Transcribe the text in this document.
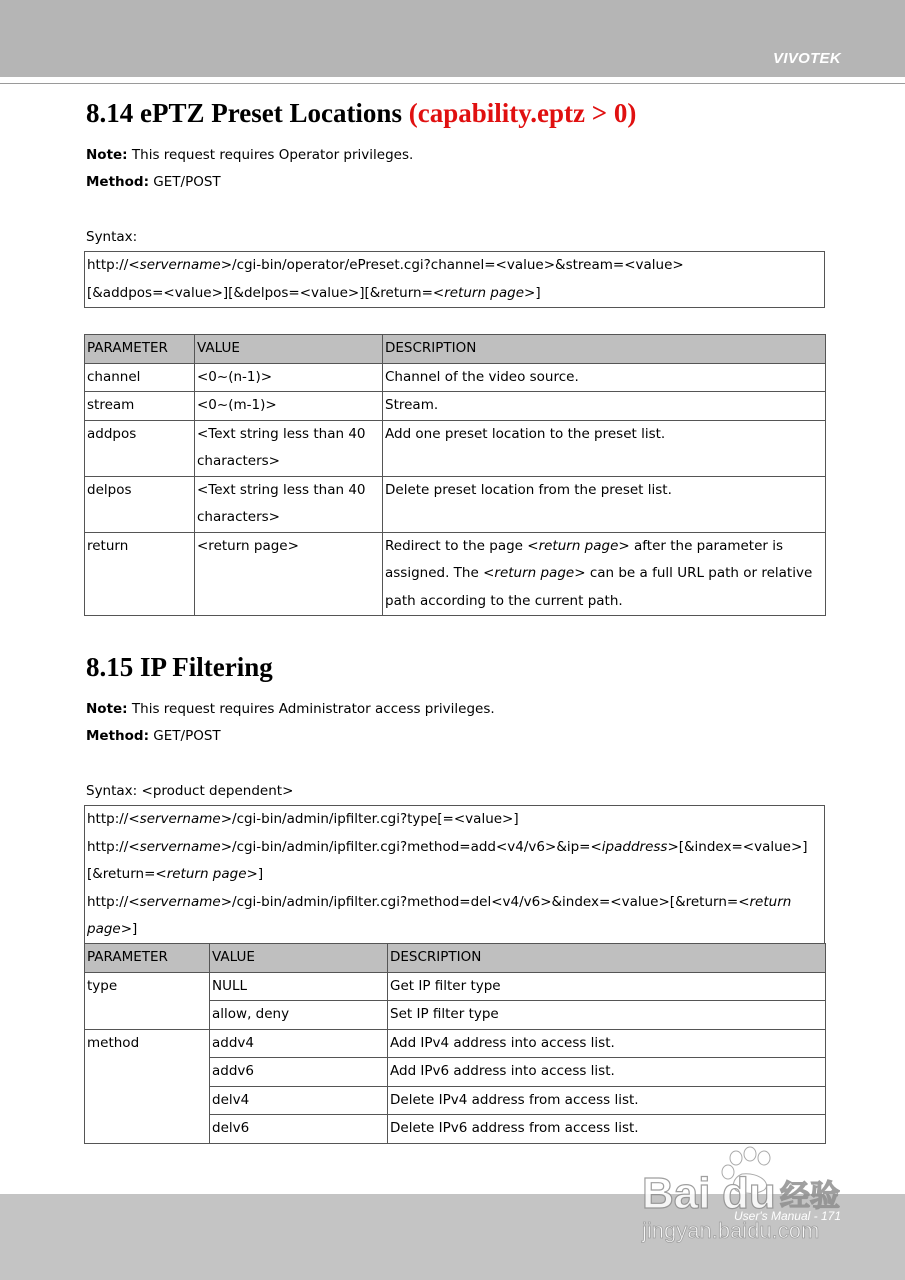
VIVOTEK
8.14 ePTZ Preset Locations (capability.eptz > 0)
Note: This request requires Operator privileges.
Method: GET/POST
Syntax:
http://<servername>/cgi-bin/operator/ePreset.cgi?channel=<value>&stream=<value>
[&addpos=<value>][&delpos=<value>][&return=<return page>]
PARAMETER	VALUE	DESCRIPTION
channel	<0~(n-1)>	Channel of the video source.
stream	<0~(m-1)>	Stream.
addpos	<Text string less than 40 characters>	Add one preset location to the preset list.
delpos	<Text string less than 40 characters>	Delete preset location from the preset list.
return	<return page>	Redirect to the page <return page> after the parameter is assigned. The <return page> can be a full URL path or relative path according to the current path.
8.15 IP Filtering
Note: This request requires Administrator access privileges.
Method: GET/POST
Syntax: <product dependent>
http://<servername>/cgi-bin/admin/ipfilter.cgi?type[=<value>]
http://<servername>/cgi-bin/admin/ipfilter.cgi?method=add<v4/v6>&ip=<ipaddress>[&index=<value>]
[&return=<return page>]
http://<servername>/cgi-bin/admin/ipfilter.cgi?method=del<v4/v6>&index=<value>[&return=<return
page>]
PARAMETER	VALUE	DESCRIPTION
type	NULL	Get IP filter type
	allow, deny	Set IP filter type
method	addv4	Add IPv4 address into access list.
	addv6	Add IPv6 address into access list.
	delv4	Delete IPv4 address from access list.
	delv6	Delete IPv6 address from access list.
Bai du 经验
jingyan.baidu.com
User's Manual - 171
